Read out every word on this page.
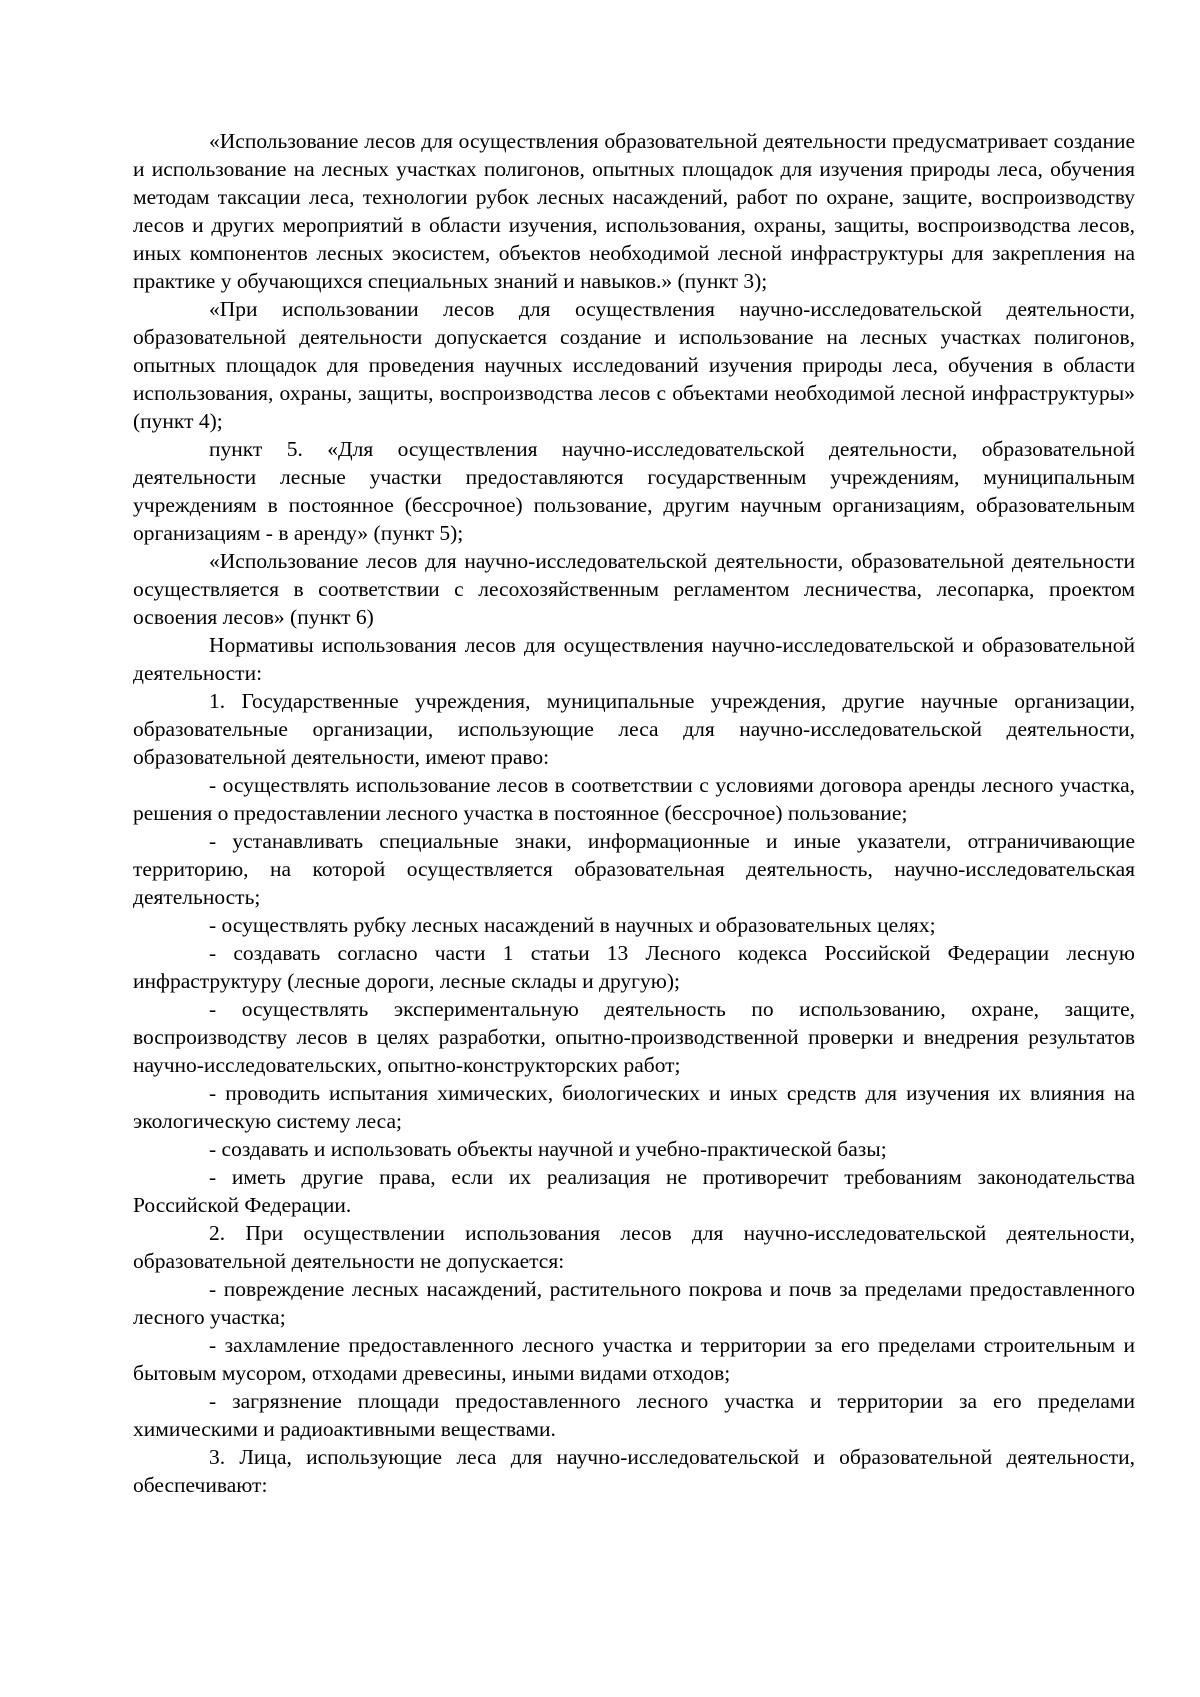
«Использование лесов для осуществления образовательной деятельности предусматривает создание и использование на лесных участках полигонов, опытных площадок для изучения природы леса, обучения методам таксации леса, технологии рубок лесных насаждений, работ по охране, защите, воспроизводству лесов и других мероприятий в области изучения, использования, охраны, защиты, воспроизводства лесов, иных компонентов лесных экосистем, объектов необходимой лесной инфраструктуры для закрепления на практике у обучающихся специальных знаний и навыков.» (пункт 3);

«При использовании лесов для осуществления научно-исследовательской деятельности, образовательной деятельности допускается создание и использование на лесных участках полигонов, опытных площадок для проведения научных исследований изучения природы леса, обучения в области использования, охраны, защиты, воспроизводства лесов с объектами необходимой лесной инфраструктуры» (пункт 4);

пункт 5. «Для осуществления научно-исследовательской деятельности, образовательной деятельности лесные участки предоставляются государственным учреждениям, муниципальным учреждениям в постоянное (бессрочное) пользование, другим научным организациям, образовательным организациям - в аренду» (пункт 5);

«Использование лесов для научно-исследовательской деятельности, образовательной деятельности осуществляется в соответствии с лесохозяйственным регламентом лесничества, лесопарка, проектом освоения лесов» (пункт 6)

Нормативы использования лесов для осуществления научно-исследовательской и образовательной деятельности:

1. Государственные учреждения, муниципальные учреждения, другие научные организации, образовательные организации, использующие леса для научно-исследовательской деятельности, образовательной деятельности, имеют право:

- осуществлять использование лесов в соответствии с условиями договора аренды лесного участка, решения о предоставлении лесного участка в постоянное (бессрочное) пользование;

- устанавливать специальные знаки, информационные и иные указатели, отграничивающие территорию, на которой осуществляется образовательная деятельность, научно-исследовательская деятельность;

- осуществлять рубку лесных насаждений в научных и образовательных целях;

- создавать согласно части 1 статьи 13 Лесного кодекса Российской Федерации лесную инфраструктуру (лесные дороги, лесные склады и другую);

- осуществлять экспериментальную деятельность по использованию, охране, защите, воспроизводству лесов в целях разработки, опытно-производственной проверки и внедрения результатов научно-исследовательских, опытно-конструкторских работ;

- проводить испытания химических, биологических и иных средств для изучения их влияния на экологическую систему леса;

- создавать и использовать объекты научной и учебно-практической базы;

- иметь другие права, если их реализация не противоречит требованиям законодательства Российской Федерации.

2. При осуществлении использования лесов для научно-исследовательской деятельности, образовательной деятельности не допускается:

- повреждение лесных насаждений, растительного покрова и почв за пределами предоставленного лесного участка;

- захламление предоставленного лесного участка и территории за его пределами строительным и бытовым мусором, отходами древесины, иными видами отходов;

- загрязнение площади предоставленного лесного участка и территории за его пределами химическими и радиоактивными веществами.

3. Лица, использующие леса для научно-исследовательской и образовательной деятельности, обеспечивают:
